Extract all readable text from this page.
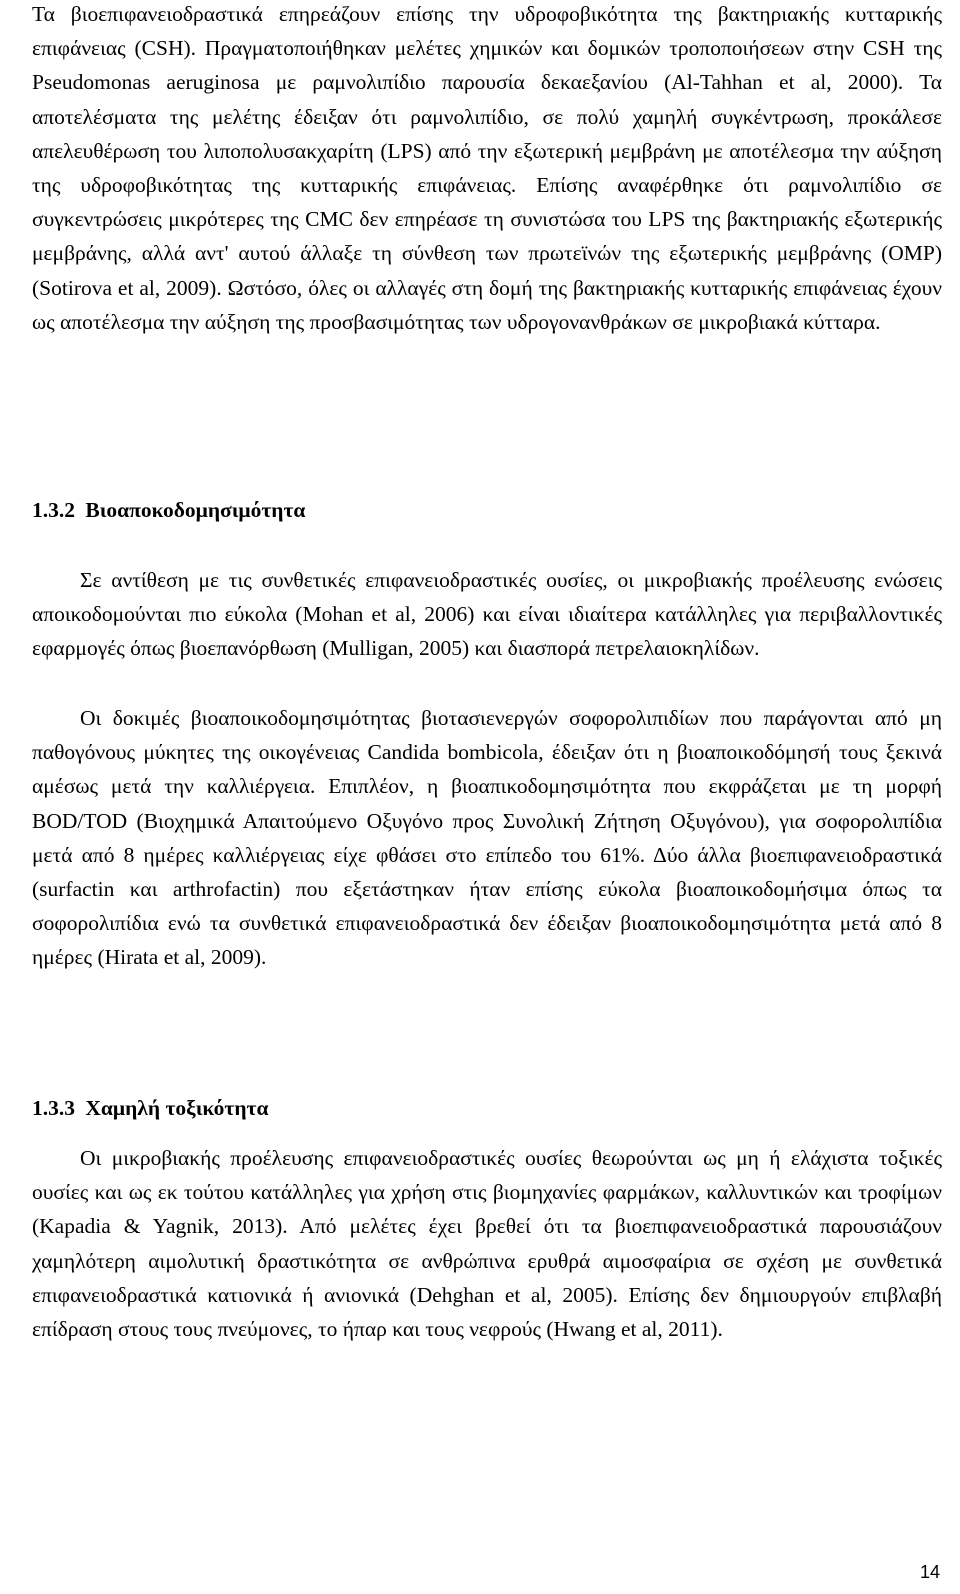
Τα βιοεπιφανειοδραστικά επηρεάζουν επίσης την υδροφοβικότητα της βακτηριακής κυτταρικής επιφάνειας (CSH). Πραγματοποιήθηκαν μελέτες χημικών και δομικών τροποποιήσεων στην CSH της Pseudomonas aeruginosa με ραμνολιπίδιο παρουσία δεκαεξανίου (Al-Tahhan et al, 2000). Τα αποτελέσματα της μελέτης έδειξαν ότι ραμνολιπίδιο, σε πολύ χαμηλή συγκέντρωση, προκάλεσε απελευθέρωση του λιποπολυσακχαρίτη (LPS) από την εξωτερική μεμβράνη με αποτέλεσμα την αύξηση της υδροφοβικότητας της κυτταρικής επιφάνειας. Επίσης αναφέρθηκε ότι ραμνολιπίδιο σε συγκεντρώσεις μικρότερες της CMC δεν επηρέασε τη συνιστώσα του LPS της βακτηριακής εξωτερικής μεμβράνης, αλλά αντ' αυτού άλλαξε τη σύνθεση των πρωτεϊνών της εξωτερικής μεμβράνης (OMP) (Sotirova et al, 2009). Ωστόσο, όλες οι αλλαγές στη δομή της βακτηριακής κυτταρικής επιφάνειας έχουν ως αποτέλεσμα την αύξηση της προσβασιμότητας των υδρογονανθράκων σε μικροβιακά κύτταρα.

1.3.2 Βιοαποκοδομησιμότητα

Σε αντίθεση με τις συνθετικές επιφανειοδραστικές ουσίες, οι μικροβιακής προέλευσης ενώσεις αποικοδομούνται πιο εύκολα (Mohan et al, 2006) και είναι ιδιαίτερα κατάλληλες για περιβαλλοντικές εφαρμογές όπως βιοεπανόρθωση (Mulligan, 2005) και διασπορά πετρελαιοκηλίδων.

Οι δοκιμές βιοαποικοδομησιμότητας βιοτασιενεργών σοφορολιπιδίων που παράγονται από μη παθογόνους μύκητες της οικογένειας Candida bombicola, έδειξαν ότι η βιοαποικοδόμησή τους ξεκινά αμέσως μετά την καλλιέργεια. Επιπλέον, η βιοαπικοδομησιμότητα που εκφράζεται με τη μορφή BOD/TOD (Βιοχημικά Απαιτούμενο Οξυγόνο προς Συνολική Ζήτηση Οξυγόνου), για σοφορολιπίδια μετά από 8 ημέρες καλλιέργειας είχε φθάσει στο επίπεδο του 61%. Δύο άλλα βιοεπιφανειοδραστικά (surfactin και arthrofactin) που εξετάστηκαν ήταν επίσης εύκολα βιοαποικοδομήσιμα όπως τα σοφορολιπίδια ενώ τα συνθετικά επιφανειοδραστικά δεν έδειξαν βιοαποικοδομησιμότητα μετά από 8 ημέρες (Hirata et al, 2009).

1.3.3 Χαμηλή τοξικότητα

Οι μικροβιακής προέλευσης επιφανειοδραστικές ουσίες θεωρούνται ως μη ή ελάχιστα τοξικές ουσίες και ως εκ τούτου κατάλληλες για χρήση στις βιομηχανίες φαρμάκων, καλλυντικών και τροφίμων (Kapadia & Yagnik, 2013). Από μελέτες έχει βρεθεί ότι τα βιοεπιφανειοδραστικά παρουσιάζουν χαμηλότερη αιμολυτική δραστικότητα σε ανθρώπινα ερυθρά αιμοσφαίρια σε σχέση με συνθετικά επιφανειοδραστικά κατιονικά ή ανιονικά (Dehghan et al, 2005). Επίσης δεν δημιουργούν επιβλαβή επίδραση στους τους πνεύμονες, το ήπαρ και τους νεφρούς (Hwang et al, 2011).

14
